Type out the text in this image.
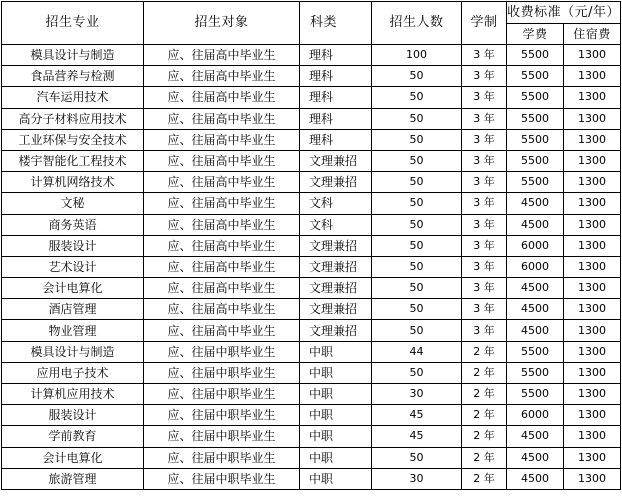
招生专业	招生对象	科类	招生人数	学制	收费标准（元/年）	
					学费	住宿费
模具设计与制造	应、往届高中毕业生	理科	100	3 年	5500	1300
食品营养与检测	应、往届高中毕业生	理科	50	3 年	5500	1300
汽车运用技术	应、往届高中毕业生	理科	50	3 年	5500	1300
高分子材料应用技术	应、往届高中毕业生	理科	50	3 年	5500	1300
工业环保与安全技术	应、往届高中毕业生	理科	50	3 年	5500	1300
楼宇智能化工程技术	应、往届高中毕业生	文理兼招	50	3 年	5500	1300
计算机网络技术	应、往届高中毕业生	文理兼招	50	3 年	5500	1300
文秘	应、往届高中毕业生	文科	50	3 年	4500	1300
商务英语	应、往届高中毕业生	文科	50	3 年	4500	1300
服装设计	应、往届高中毕业生	文理兼招	50	3 年	6000	1300
艺术设计	应、往届高中毕业生	文理兼招	50	3 年	6000	1300
会计电算化	应、往届高中毕业生	文理兼招	50	3 年	4500	1300
酒店管理	应、往届高中毕业生	文理兼招	50	3 年	4500	1300
物业管理	应、往届高中毕业生	文理兼招	50	3 年	4500	1300
模具设计与制造	应、往届中职毕业生	中职	44	2 年	5500	1300
应用电子技术	应、往届中职毕业生	中职	50	2 年	5500	1300
计算机应用技术	应、往届中职毕业生	中职	30	2 年	5500	1300
服装设计	应、往届中职毕业生	中职	45	2 年	6000	1300
学前教育	应、往届中职毕业生	中职	45	2 年	4500	1300
会计电算化	应、往届中职毕业生	中职	50	2 年	4500	1300
旅游管理	应、往届中职毕业生	中职	30	2 年	4500	1300
